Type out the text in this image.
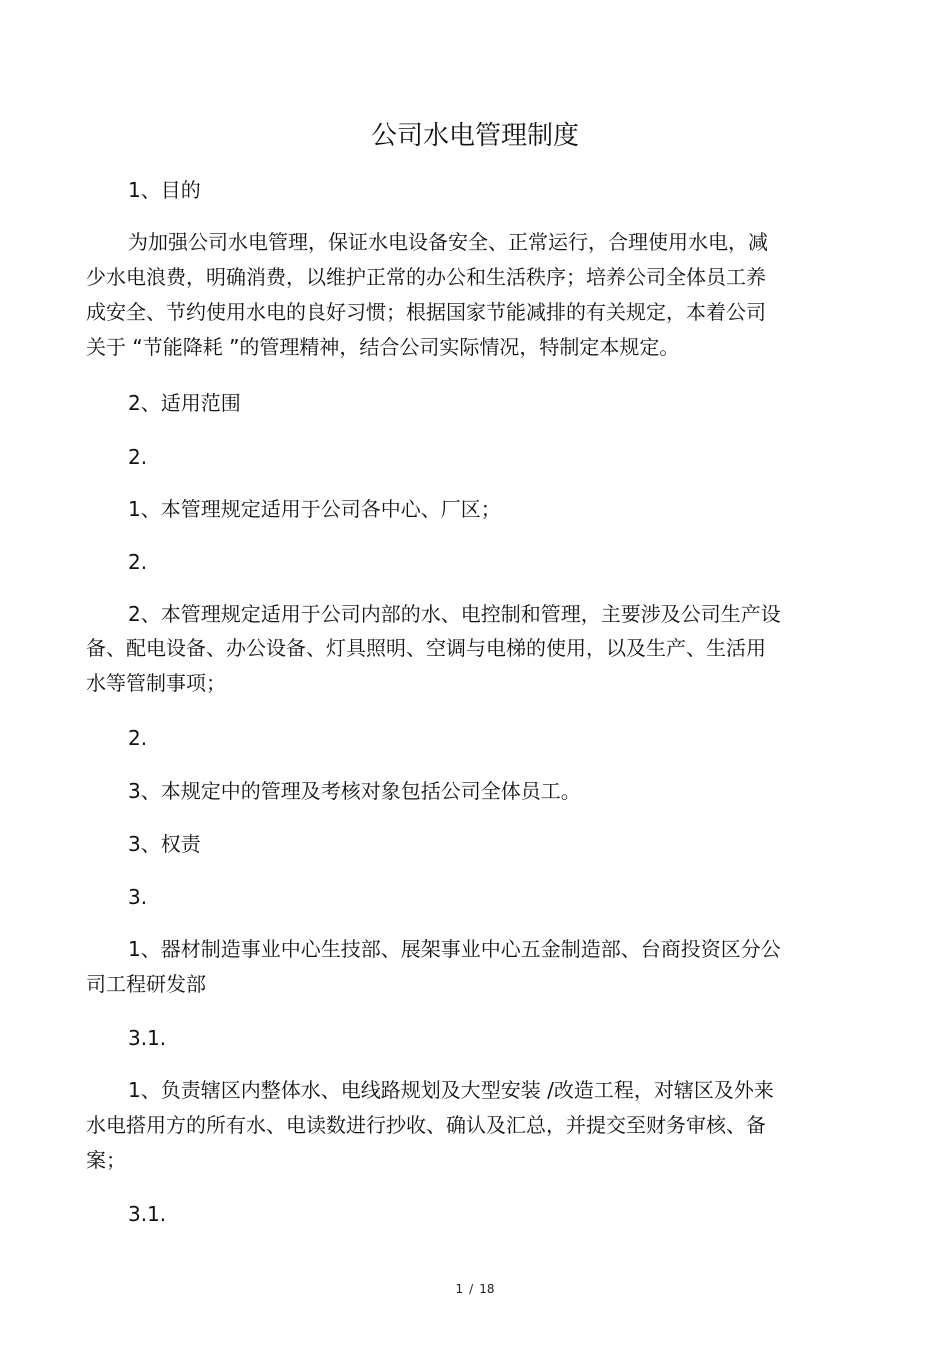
公司水电管理制度
1、目的
为加强公司水电管理，保证水电设备安全、正常运行，合理使用水电，减
少水电浪费，明确消费，以维护正常的办公和生活秩序；培养公司全体员工养
成安全、节约使用水电的良好习惯；根据国家节能减排的有关规定，本着公司
关于 “节能降耗 ”的管理精神，结合公司实际情况，特制定本规定。
2、适用范围
2.
1、本管理规定适用于公司各中心、厂区；
2.
2、本管理规定适用于公司内部的水、电控制和管理，主要涉及公司生产设
备、配电设备、办公设备、灯具照明、空调与电梯的使用，以及生产、生活用
水等管制事项；
2.
3、本规定中的管理及考核对象包括公司全体员工。
3、权责
3.
1、器材制造事业中心生技部、展架事业中心五金制造部、台商投资区分公
司工程研发部
3.1.
1、负责辖区内整体水、电线路规划及大型安装 /改造工程，对辖区及外来
水电搭用方的所有水、电读数进行抄收、确认及汇总，并提交至财务审核、备
案；
3.1.
1 / 18
